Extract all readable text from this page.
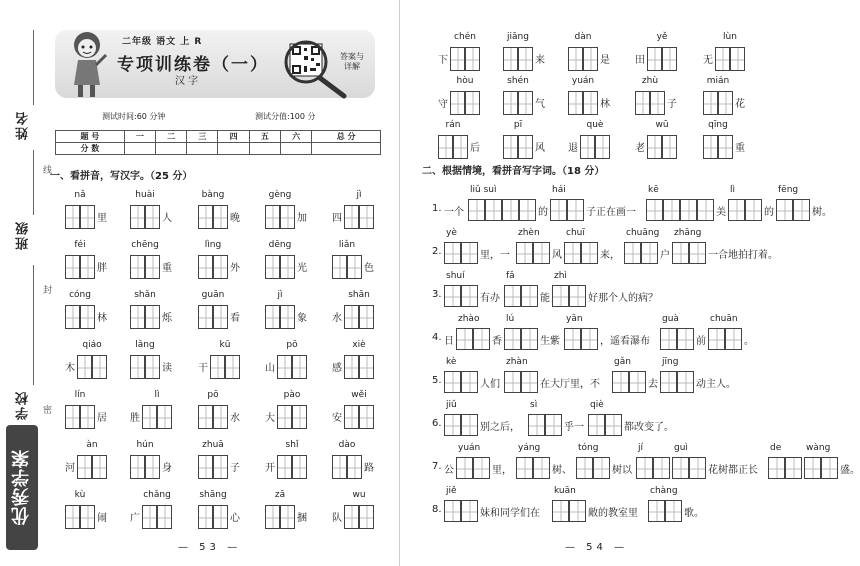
姓名
班级
学校
线
封
密
优秀学案
二年级 语文 上 R
专项训练卷（一）
汉 字
答案与
详解
测试时间:60 分钟	测试分值:100 分
题 号	一	二	三	四	五	六	总 分
分 数							
一、看拼音，写汉字。（25 分）
— 53 —
二、根据情境，看拼音写字词。（18 分）
— 54 —
nǎ
里
huài
人
bàng
晚
gèng
加
jì
四
féi
胖
chēng
重
lìng
外
dēng
光
liǎn
色
cóng
林
shǎn
烁
guān
看
jì
象
shān
水
qiáo
木
lǎng
读
kū
干
pō
山
xiè
感
lín
居
lì
胜
pō
水
pào
大
wěi
安
àn
河
hún
身
zhuā
子
shǐ
开
dào
路
kù
闹
chǎng
广
shāng
心
zā
捆
wu
队
chén
下
jiāng
来
dàn
是
yě
田
lùn
无
hòu
守
shén
气
yuán
林
zhù
子
mián
花
rán
后
pī
风
què
退
wū
老
qīng
重
1. 一个
liǔ suì
的
hái
子正在画一
kē
美
lì
的
fēng
树。
2.
yè
里，一
zhèn
风
chuī
来，
chuāng
户
zhāng
一合地拍打着。
3.
shuí
有办
fǎ
能
zhì
好那个人的病？
4. 日
zhào
香
lú
生紫
yān
，遥看瀑布
guà
前
chuān
。
5.
kè
人们
zhàn
在大厅里，不
gǎn
去
jīng
动主人。
6.
jiǔ
别之后，
sì
乎一
qiè
都改变了。
7. 公
yuán
里，
yáng
树、
tóng
树以
jí	guì
花树都正长
de	wàng
盛。
8.
jiě
妹和同学们在
kuān
敞的教室里
chàng
歌。
